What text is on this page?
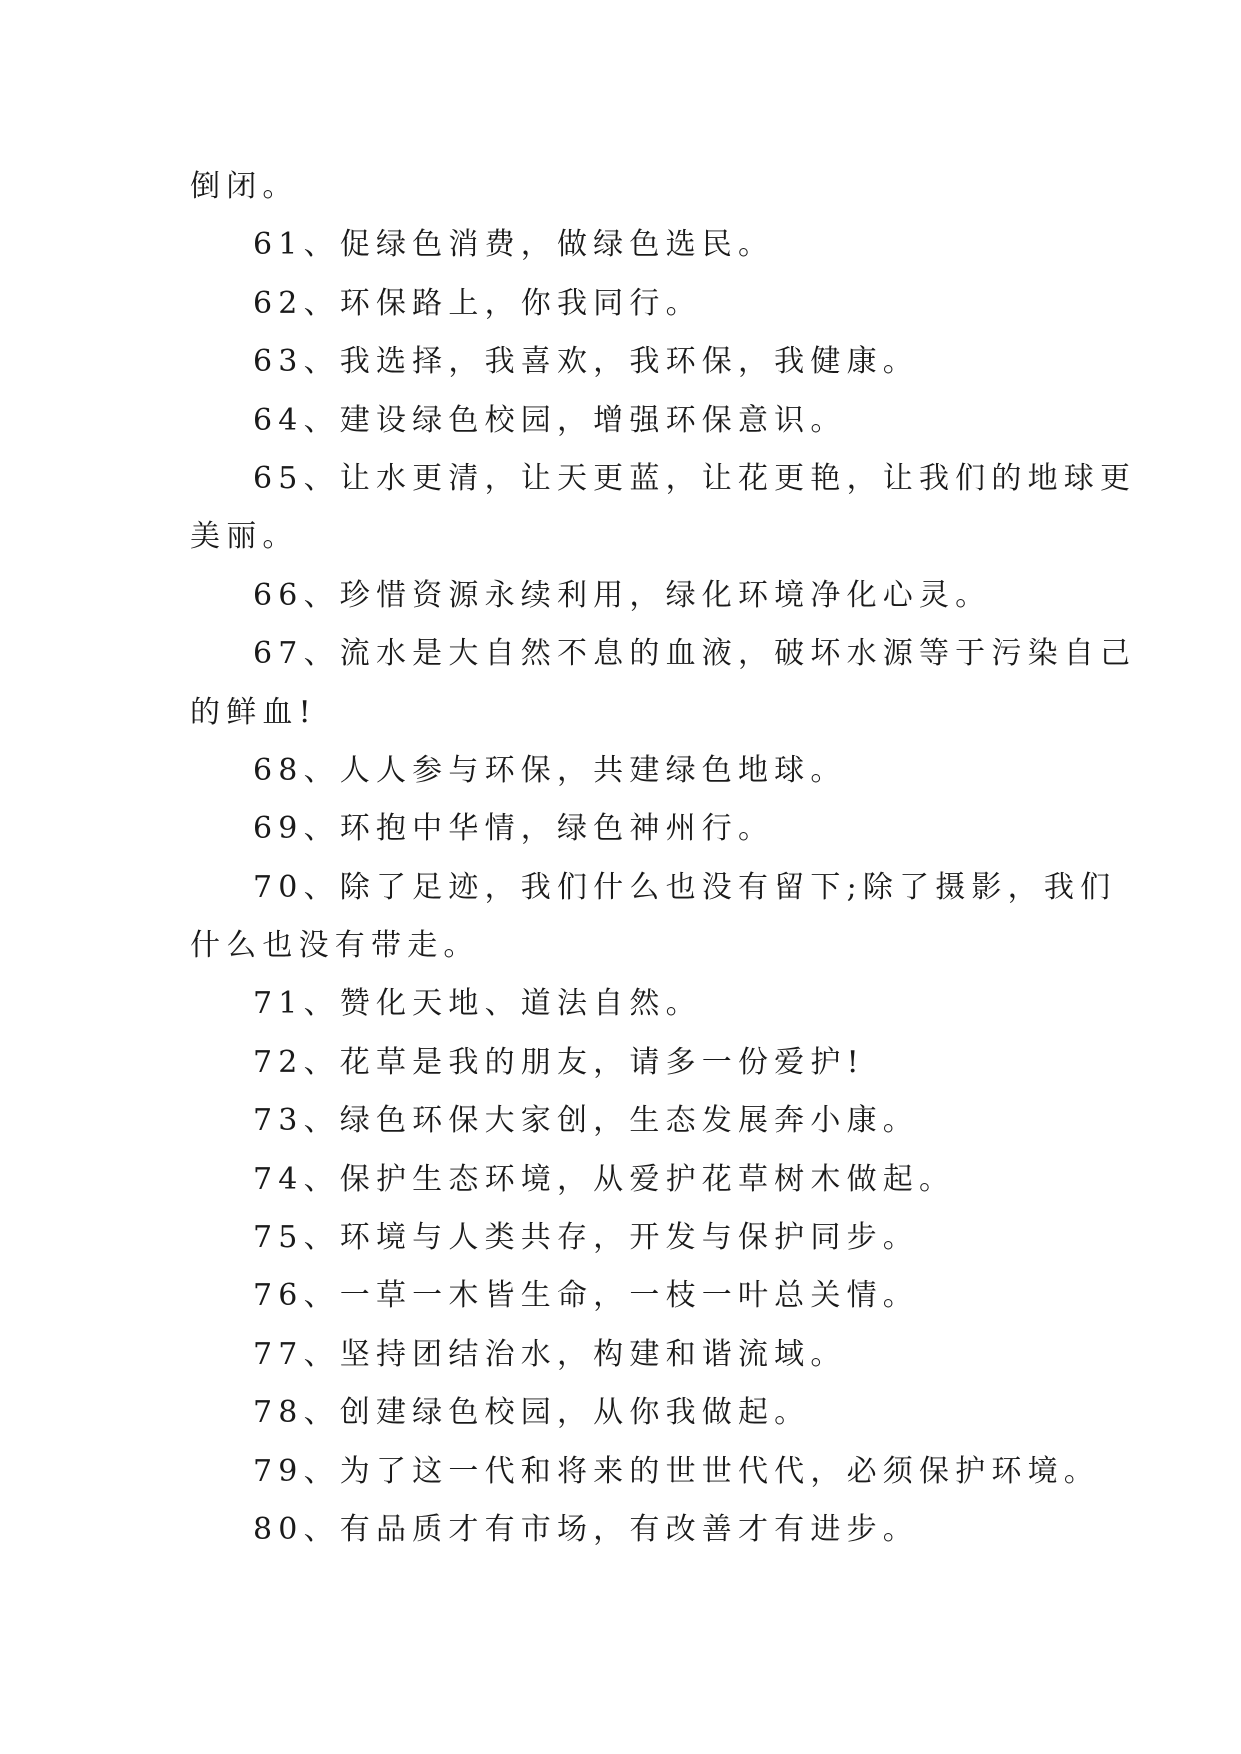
倒闭。

61、促绿色消费，做绿色选民。

62、环保路上，你我同行。

63、我选择，我喜欢，我环保，我健康。

64、建设绿色校园，增强环保意识。

65、让水更清，让天更蓝，让花更艳，让我们的地球更

美丽。

66、珍惜资源永续利用，绿化环境净化心灵。

67、流水是大自然不息的血液，破坏水源等于污染自己

的鲜血!

68、人人参与环保，共建绿色地球。

69、环抱中华情，绿色神州行。

70、除了足迹，我们什么也没有留下;除了摄影，我们

什么也没有带走。

71、赞化天地、道法自然。

72、花草是我的朋友，请多一份爱护!

73、绿色环保大家创，生态发展奔小康。

74、保护生态环境，从爱护花草树木做起。

75、环境与人类共存，开发与保护同步。

76、一草一木皆生命，一枝一叶总关情。

77、坚持团结治水，构建和谐流域。

78、创建绿色校园，从你我做起。

79、为了这一代和将来的世世代代，必须保护环境。

80、有品质才有市场，有改善才有进步。
